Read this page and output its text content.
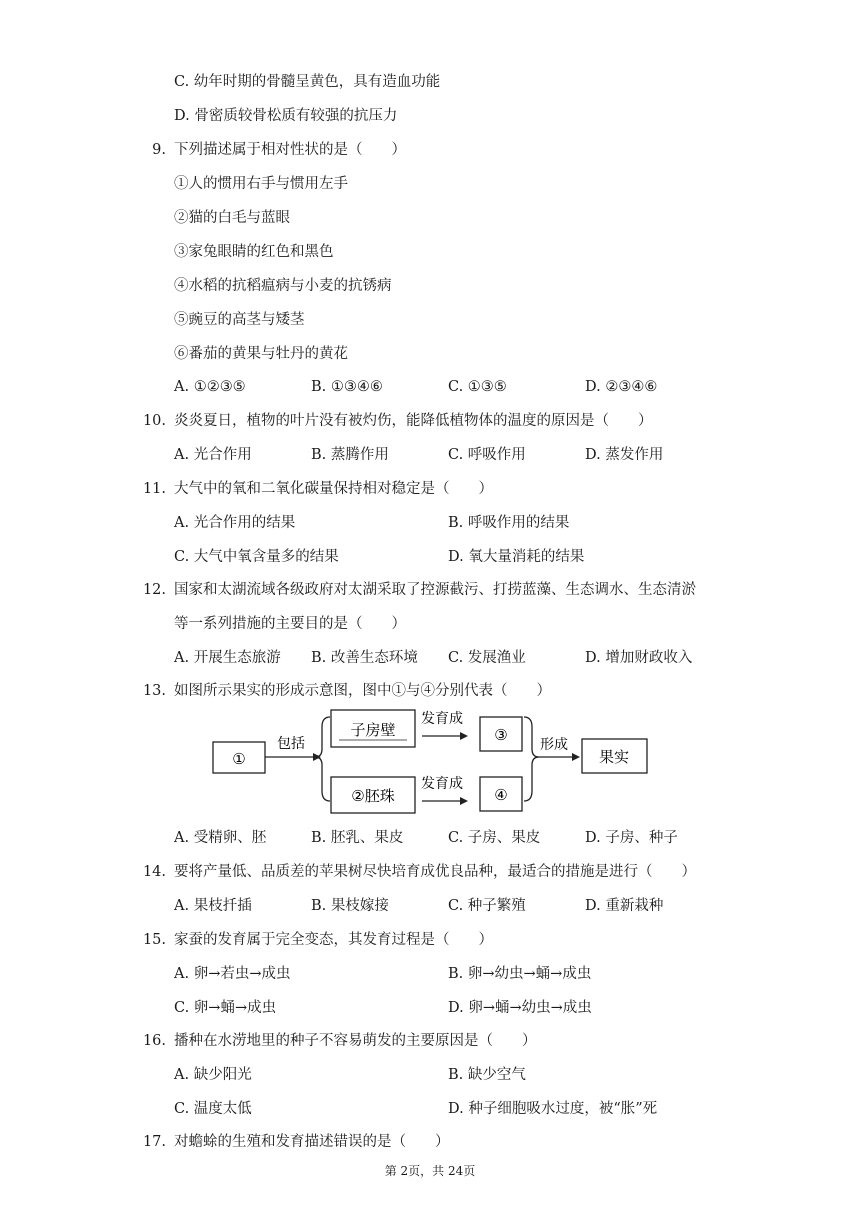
C. 幼年时期的骨髓呈黄色，具有造血功能
D. 骨密质较骨松质有较强的抗压力
9. 下列描述属于相对性状的是（　　）
10. 炎炎夏日，植物的叶片没有被灼伤，能降低植物体的温度的原因是（　　）
11. 大气中的氧和二氧化碳量保持相对稳定是（　　）
12. 国家和太湖流域各级政府对太湖采取了控源截污、打捞蓝藻、生态调水、生态清淤
13. 如图所示果实的形成示意图，图中①与④分别代表（　　）
14. 要将产量低、品质差的苹果树尽快培育成优良品种，最适合的措施是进行（　　）
15. 家蚕的发育属于完全变态，其发育过程是（　　）
16. 播种在水涝地里的种子不容易萌发的主要原因是（　　）
17. 对蟾蜍的生殖和发育描述错误的是（　　）
①人的惯用右手与惯用左手
②猫的白毛与蓝眼
③家兔眼睛的红色和黑色
④水稻的抗稻瘟病与小麦的抗锈病
⑤豌豆的高茎与矮茎
⑥番茄的黄果与牡丹的黄花
等一系列措施的主要目的是（　　）
A. ①②③⑤	B. ①③④⑥	C. ①③⑤	D. ②③④⑥
A. 光合作用	B. 蒸腾作用	C. 呼吸作用	D. 蒸发作用
A. 光合作用的结果	B. 呼吸作用的结果
C. 大气中氧含量多的结果	D. 氧大量消耗的结果
A. 开展生态旅游 B. 改善生态环境 C. 发展渔业	D. 增加财政收入
A. 受精卵、胚	B. 胚乳、果皮	C. 子房、果皮	D. 子房、种子
A. 果枝扦插	B. 果枝嫁接	C. 种子繁殖	D. 重新栽种
A. 卵→若虫→成虫	B. 卵→幼虫→蛹→成虫
C. 卵→蛹→成虫	D. 卵→蛹→幼虫→成虫
A. 缺少阳光	B. 缺少空气
C. 温度太低	D. 种子细胞吸水过度，被“胀”死
①
包括
子房壁
②胚珠
发育成
发育成
③
④
形成
果实
第 2页，共 24页
